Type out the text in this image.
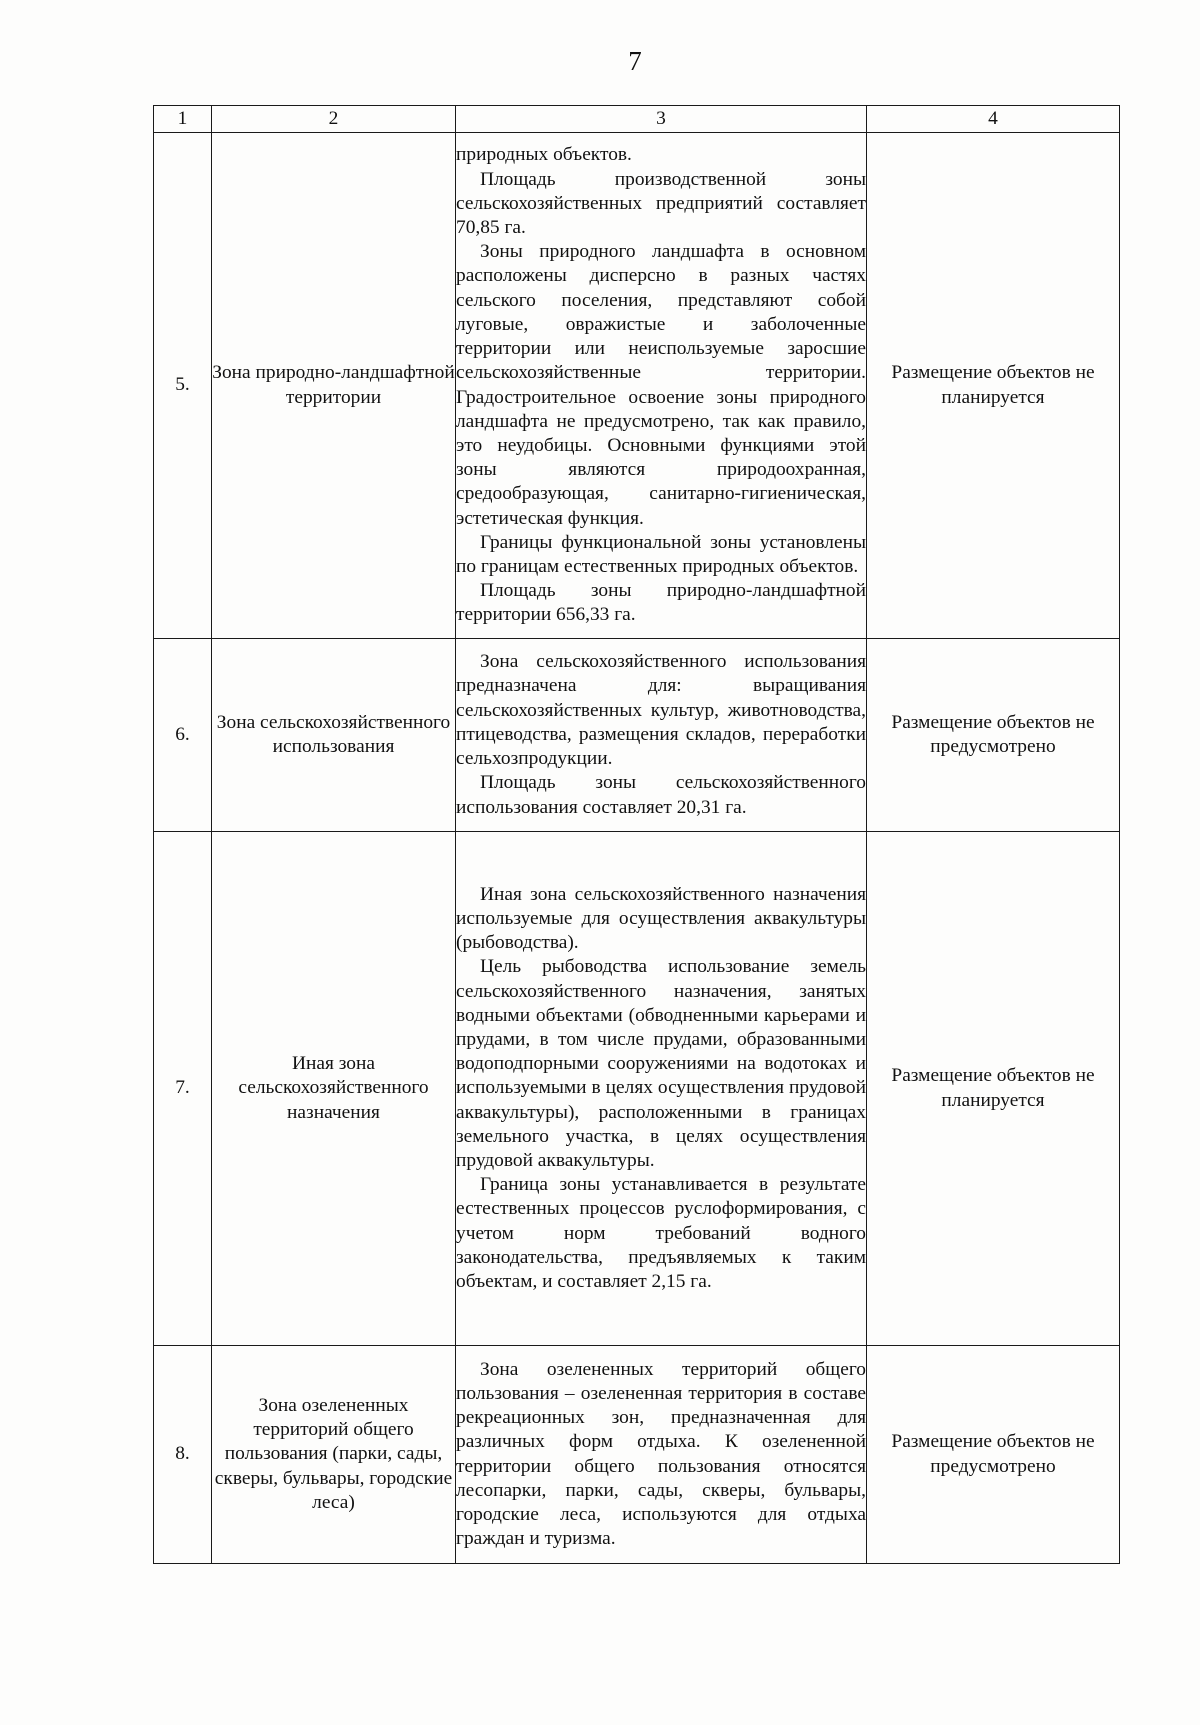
7
1	2	3	4
5.	Зона природно-ландшафтной территории	природных объектов.

Площадь производственной зоны сельскохозяйственных предприятий составляет 70,85 га.

Зоны природного ландшафта в основном расположены дисперсно в разных частях сельского поселения, представляют собой луговые, овражистые и заболоченные территории или неиспользуемые заросшие сельскохозяйственные территории. Градостроительное освоение зоны природного ландшафта не предусмотрено, так как правило, это неудобицы. Основными функциями этой зоны являются природоохранная, средообразующая, санитарно-гигиеническая, эстетическая функция.

Границы функциональной зоны установлены по границам естественных природных объектов.

Площадь зоны природно-ландшафтной территории 656,33 га.	Размещение объектов не планируется
6.	Зона сельскохозяйственного использования	Зона сельскохозяйственного использования предназначена для: выращивания сельскохозяйственных культур, животноводства, птицеводства, размещения складов, переработки сельхозпродукции.

Площадь зоны сельскохозяйственного использования составляет 20,31 га.	Размещение объектов не предусмотрено
7.	Иная зона сельскохозяйственного назначения	Иная зона сельскохозяйственного назначения используемые для осуществления аквакультуры (рыбоводства).

Цель рыбоводства использование земель сельскохозяйственного назначения, занятых водными объектами (обводненными карьерами и прудами, в том числе прудами, образованными водоподпорными сооружениями на водотоках и используемыми в целях осуществления прудовой аквакультуры), расположенными в границах земельного участка, в целях осуществления прудовой аквакультуры.

Граница зоны устанавливается в результате естественных процессов руслоформирования, с учетом норм требований водного законодательства, предъявляемых к таким объектам, и составляет 2,15 га.	Размещение объектов не планируется
8.	Зона озелененных территорий общего пользования (парки, сады, скверы, бульвары, городские леса)	Зона озелененных территорий общего пользования – озелененная территория в составе рекреационных зон, предназначенная для различных форм отдыха. К озелененной территории общего пользования относятся лесопарки, парки, сады, скверы, бульвары, городские леса, используются для отдыха граждан и туризма.	Размещение объектов не предусмотрено
